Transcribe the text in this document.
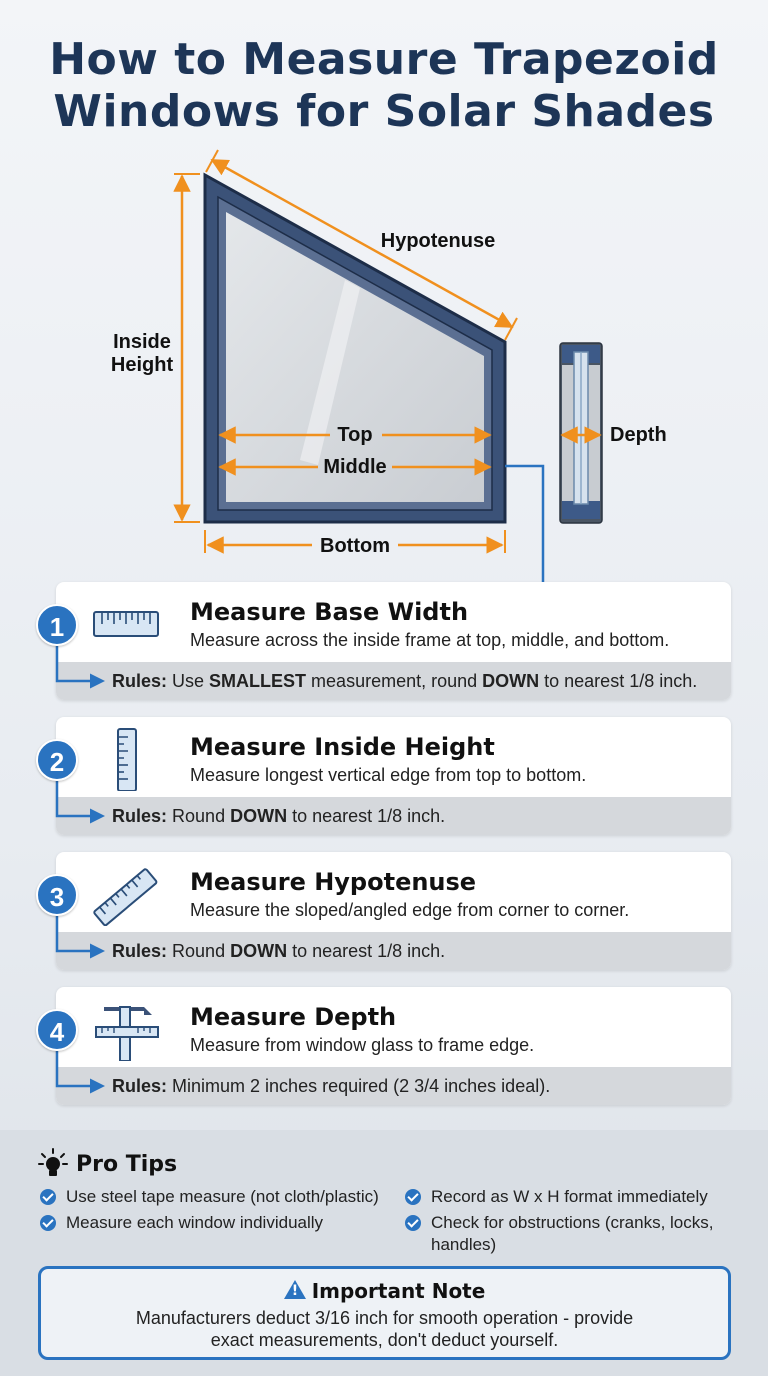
How to Measure Trapezoid
Windows for Solar Shades
Inside
Height
Hypotenuse
Top
Middle
Bottom
Depth
Measure Base Width
Measure across the inside frame at top, middle, and bottom.
Rules: Use SMALLEST measurement, round DOWN to nearest 1/8 inch.
Measure Inside Height
Measure longest vertical edge from top to bottom.
Rules: Round DOWN to nearest 1/8 inch.
Measure Hypotenuse
Measure the sloped/angled edge from corner to corner.
Rules: Round DOWN to nearest 1/8 inch.
Measure Depth
Measure from window glass to frame edge.
Rules: Minimum 2 inches required (2 3/4 inches ideal).
1
2
3
4
Pro Tips
Use steel tape measure (not cloth/plastic)
Measure each window individually
Record as W x H format immediately
Check for obstructions (cranks, locks,
handles)
!Important Note
Manufacturers deduct 3/16 inch for smooth operation - provide
exact measurements, don't deduct yourself.
